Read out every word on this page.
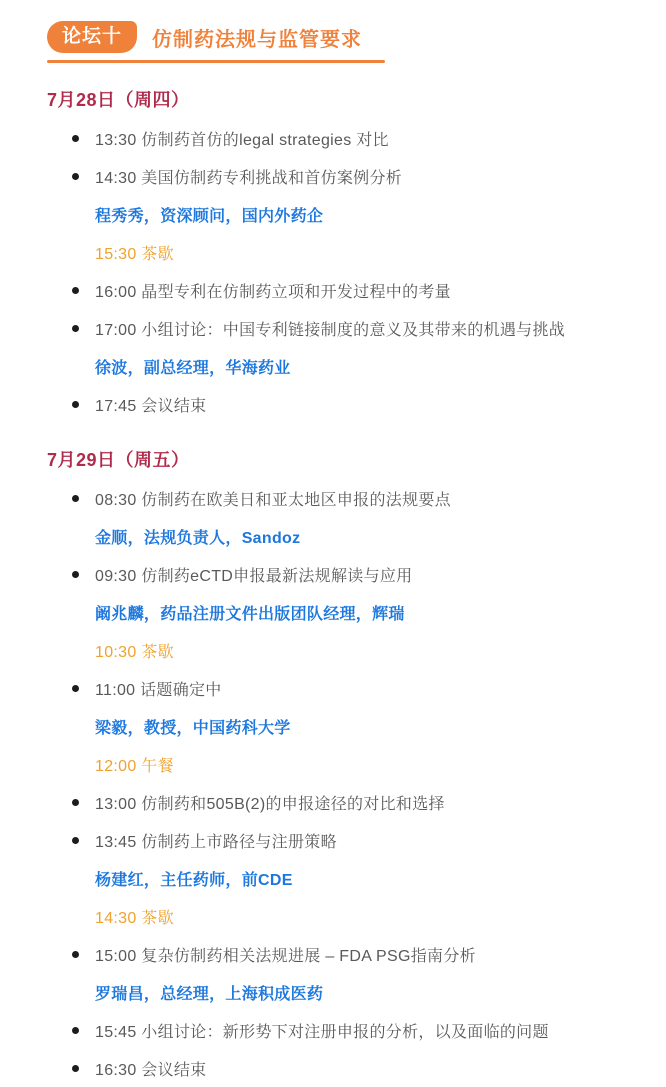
论坛十	仿制药法规与监管要求
7月28日（周四）
13:30 仿制药首仿的legal strategies 对比
14:30 美国仿制药专利挑战和首仿案例分析
程秀秀，资深顾问，国内外药企
15:30 茶歇
16:00 晶型专利在仿制药立项和开发过程中的考量
17:00 小组讨论：中国专利链接制度的意义及其带来的机遇与挑战
徐波，副总经理，华海药业
17:45 会议结束
7月29日（周五）
08:30 仿制药在欧美日和亚太地区申报的法规要点
金顺，法规负责人，Sandoz
09:30 仿制药eCTD申报最新法规解读与应用
阚兆麟，药品注册文件出版团队经理，辉瑞
10:30 茶歇
11:00 话题确定中
梁毅，教授，中国药科大学
12:00 午餐
13:00 仿制药和505B(2)的申报途径的对比和选择
13:45 仿制药上市路径与注册策略
杨建红，主任药师，前CDE
14:30 茶歇
15:00 复杂仿制药相关法规进展 – FDA PSG指南分析
罗瑞昌，总经理，上海积成医药
15:45 小组讨论：新形势下对注册申报的分析，以及面临的问题
16:30 会议结束
